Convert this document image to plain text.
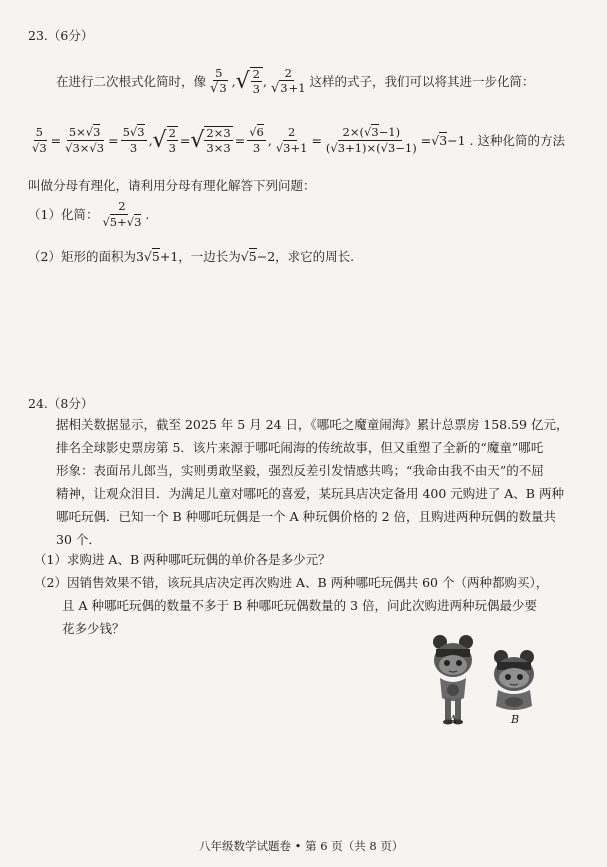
23.（6分）
在进行二次根式化简时，像 $\frac{5}{√3}$ , √ $\frac{2}{3}$ , $\frac{2}{√3+1}$ 这样的式子，我们可以将其进一步化简：
$\frac{5}{√3} = \frac{5\times√3}{√3\times√3} = \frac{5√3}{3}$ , √ $\frac{2}{3}$ = √ $\frac{2\times 3}{3\times 3} = \frac{√6}{3}$ , $\frac{2}{√3+1} = \frac{2\times(√3-1)}{(√3+1)\times(√3-1)} =√3-1$ . 这种化简的方法
叫做分母有理化，请利用分母有理化解答下列问题：
（1）化简： $\frac{2}{√5+√3}$ .
（2）矩形的面积为 3√5+1 ，一边长为 √5−2 ，求它的周长.
24.（8分）
据相关数据显示，截至 2025 年 5 月 24 日，《哪吒之魔童闹海》累计总票房 158.59 亿元，
排名全球影史票房第 5．该片来源于哪吒闹海的传统故事，但又重塑了全新的“魔童”哪吒
形象：表面吊儿郎当，实则勇敢坚毅，强烈反差引发情感共鸣；“我命由我不由天”的不屈
精神，让观众泪目．为满足儿童对哪吒的喜爱，某玩具店决定备用 400 元购进了 A、B 两种
哪吒玩偶．已知一个 B 种哪吒玩偶是一个 A 种玩偶价格的 2 倍，且购进两种玩偶的数量共
30 个．
（1）求购进 A、B 两种哪吒玩偶的单价各是多少元？
（2）因销售效果不错，该玩具店决定再次购进 A、B 两种哪吒玩偶共 60 个（两种都购买），
且 A 种哪吒玩偶的数量不多于 B 种哪吒玩偶数量的 3 倍，问此次购进两种玩偶最少要
花多少钱？
A	B
八年级数学试题卷 • 第 6 页（共 8 页）
